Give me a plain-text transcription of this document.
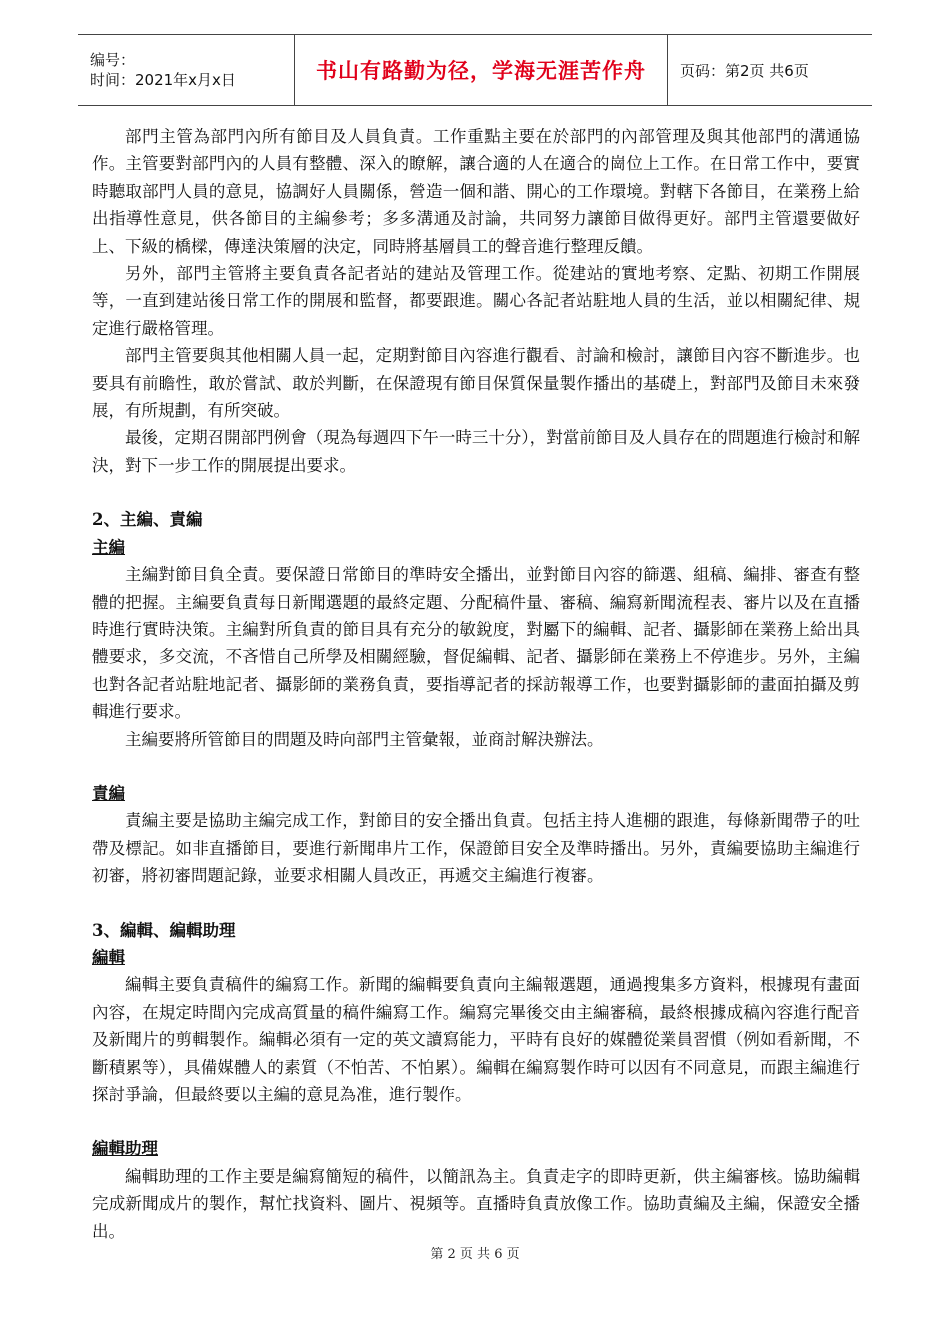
编号：
时间：2021年x月x日	书山有路勤为径，学海无涯苦作舟	页码：第2页 共6页

部門主管為部門內所有節目及人員負責。工作重點主要在於部門的內部管理及與其他部門的溝通協作。主管要對部門內的人員有整體、深入的瞭解，讓合適的人在適合的崗位上工作。在日常工作中，要實時聽取部門人員的意見，協調好人員關係，營造一個和諧、開心的工作環境。對轄下各節目，在業務上給出指導性意見，供各節目的主編參考；多多溝通及討論，共同努力讓節目做得更好。部門主管還要做好上、下級的橋樑，傳達決策層的決定，同時將基層員工的聲音進行整理反饋。

另外，部門主管將主要負責各記者站的建站及管理工作。從建站的實地考察、定點、初期工作開展等，一直到建站後日常工作的開展和監督，都要跟進。關心各記者站駐地人員的生活，並以相關紀律、規定進行嚴格管理。

部門主管要與其他相關人員一起，定期對節目內容進行觀看、討論和檢討，讓節目內容不斷進步。也要具有前瞻性，敢於嘗試、敢於判斷，在保證現有節目保質保量製作播出的基礎上，對部門及節目未來發展，有所規劃，有所突破。

最後，定期召開部門例會（現為每週四下午一時三十分），對當前節目及人員存在的問題進行檢討和解決，對下一步工作的開展提出要求。

2、主編、責編
主編

主編對節目負全責。要保證日常節目的準時安全播出，並對節目內容的篩選、組稿、編排、審查有整體的把握。主編要負責每日新聞選題的最終定題、分配稿件量、審稿、編寫新聞流程表、審片以及在直播時進行實時決策。主編對所負責的節目具有充分的敏銳度，對屬下的編輯、記者、攝影師在業務上給出具體要求，多交流，不吝惜自己所學及相關經驗，督促編輯、記者、攝影師在業務上不停進步。另外，主編也對各記者站駐地記者、攝影師的業務負責，要指導記者的採訪報導工作，也要對攝影師的畫面拍攝及剪輯進行要求。

主編要將所管節目的問題及時向部門主管彙報，並商討解決辦法。

責編

責編主要是協助主編完成工作，對節目的安全播出負責。包括主持人進棚的跟進，每條新聞帶子的吐帶及標記。如非直播節目，要進行新聞串片工作，保證節目安全及準時播出。另外，責編要協助主編進行初審，將初審問題記錄，並要求相關人員改正，再遞交主編進行複審。

3、編輯、編輯助理
編輯

編輯主要負責稿件的編寫工作。新聞的編輯要負責向主編報選題，通過搜集多方資料，根據現有畫面內容，在規定時間內完成高質量的稿件編寫工作。編寫完畢後交由主編審稿，最終根據成稿內容進行配音及新聞片的剪輯製作。編輯必須有一定的英文讀寫能力，平時有良好的媒體從業員習慣（例如看新聞，不斷積累等），具備媒體人的素質（不怕苦、不怕累）。編輯在編寫製作時可以因有不同意見，而跟主編進行探討爭論，但最終要以主編的意見為准，進行製作。

編輯助理

編輯助理的工作主要是編寫簡短的稿件，以簡訊為主。負責走字的即時更新，供主編審核。協助編輯完成新聞成片的製作，幫忙找資料、圖片、視頻等。直播時負責放像工作。協助責編及主編，保證安全播出。

第 2 页 共 6 页
